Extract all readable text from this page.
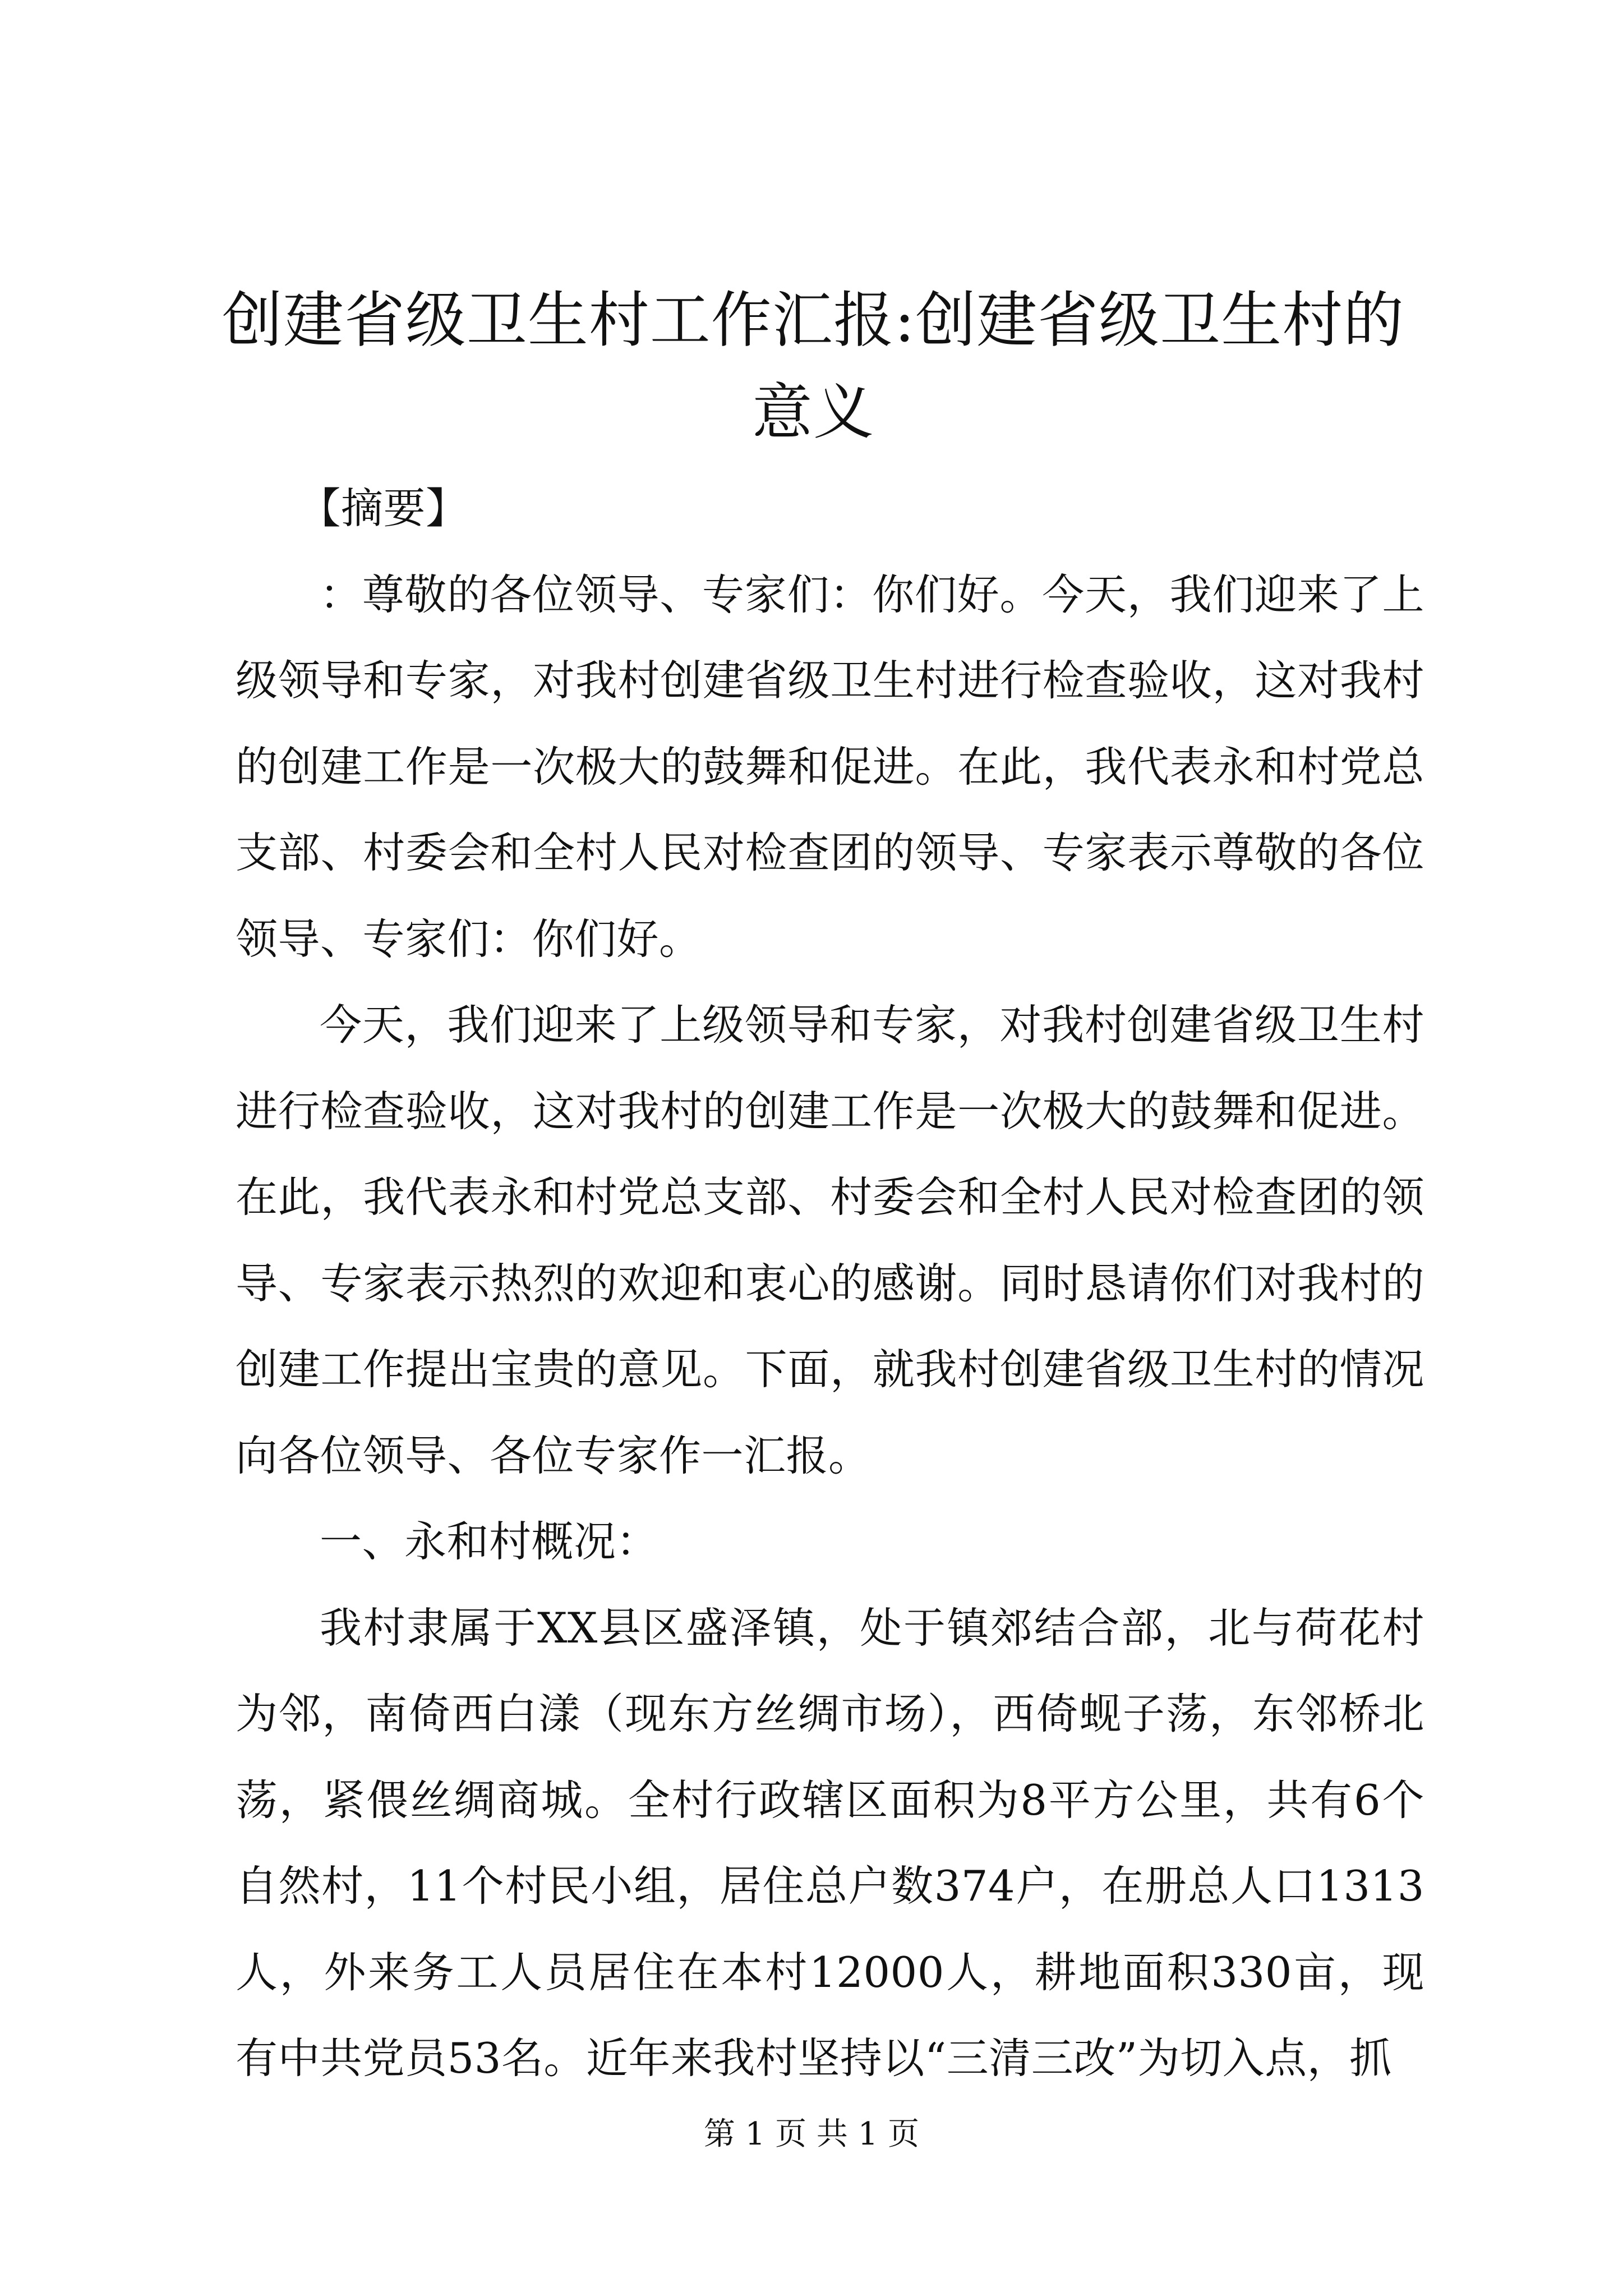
创建省级卫生村工作汇报:创建省级卫生村的意义

【摘要】

：尊敬的各位领导、专家们：你们好。今天，我们迎来了上级领导和专家，对我村创建省级卫生村进行检查验收，这对我村的创建工作是一次极大的鼓舞和促进。在此，我代表永和村党总支部、村委会和全村人民对检查团的领导、专家表示尊敬的各位领导、专家们：你们好。

今天，我们迎来了上级领导和专家，对我村创建省级卫生村进行检查验收，这对我村的创建工作是一次极大的鼓舞和促进。在此，我代表永和村党总支部、村委会和全村人民对检查团的领导、专家表示热烈的欢迎和衷心的感谢。同时恳请你们对我村的创建工作提出宝贵的意见。下面，就我村创建省级卫生村的情况向各位领导、各位专家作一汇报。

一、永和村概况：

我村隶属于XX县区盛泽镇，处于镇郊结合部，北与荷花村为邻，南倚西白漾（现东方丝绸市场），西倚蚬子荡，东邻桥北荡，紧偎丝绸商城。全村行政辖区面积为8平方公里，共有6个自然村，11个村民小组，居住总户数374户，在册总人口1313人，外来务工人员居住在本村12000人，耕地面积330亩，现有中共党员53名。近年来我村坚持以“三清三改”为切入点，抓

第 1 页 共 1 页
